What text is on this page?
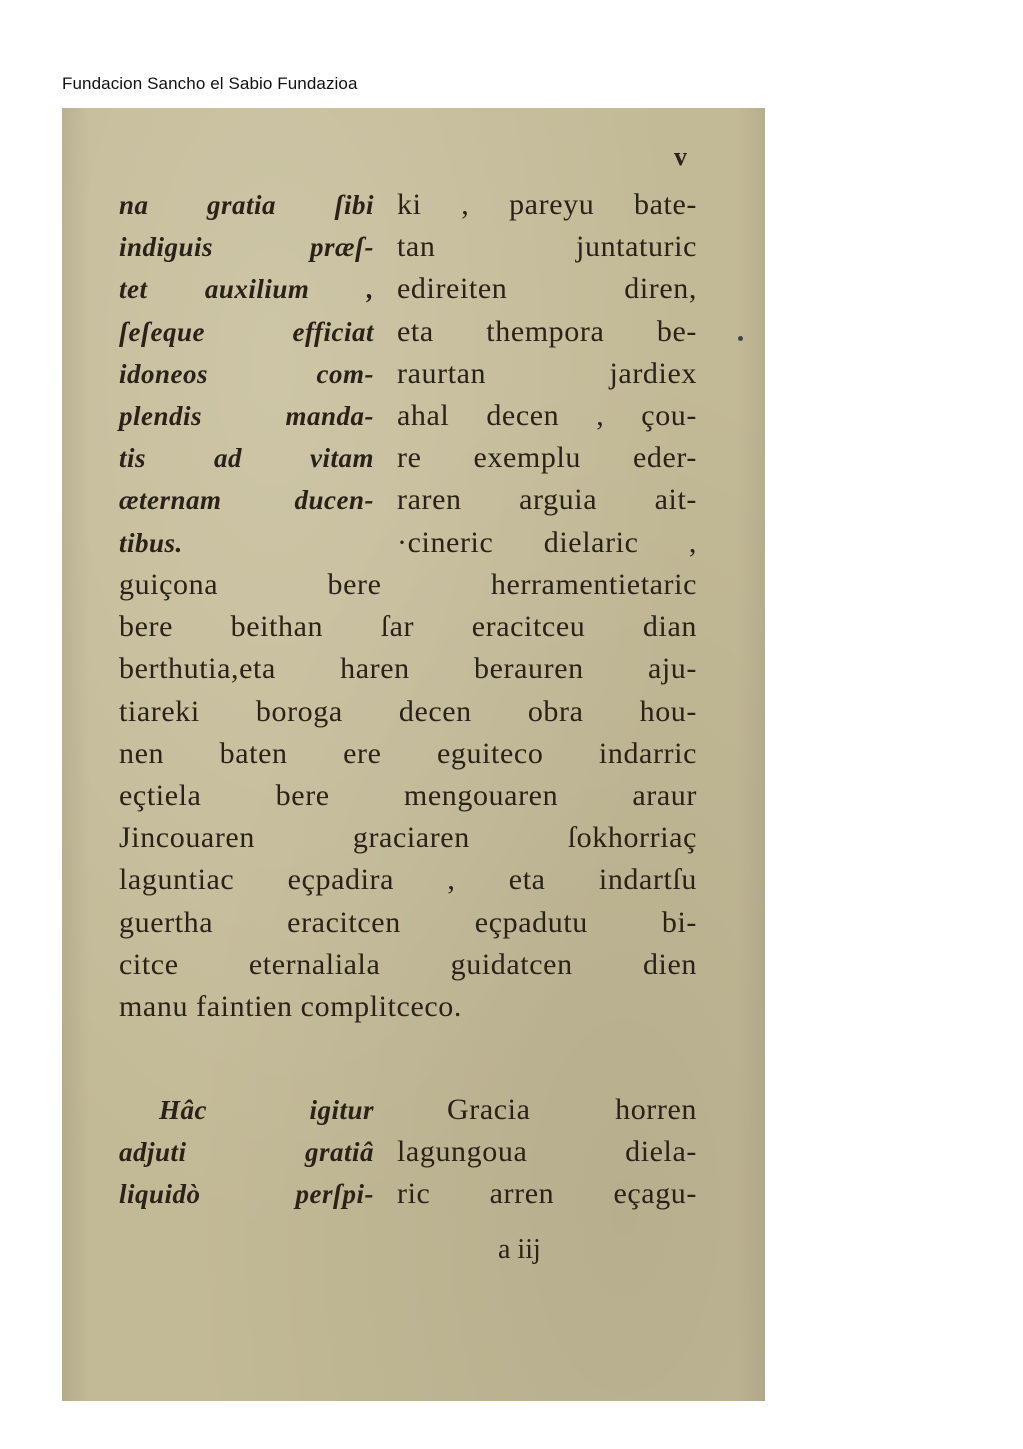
Fundacion Sancho el Sabio Fundazioa
v
na gratia ſibi
indiguis præſ-
tet auxilium ,
ſeſeque efficiat
idoneos com-
plendis manda-
tis ad vitam
æternam ducen-
tibus.
ki , pareyu bate-
tan juntaturic
edireiten diren,
eta thempora be-
raurtan jardiex
ahal decen , çou-
re exemplu eder-
raren arguia ait-
·cineric dielaric ,
guiçona bere herramentietaric
bere beithan ſar eracitceu dian
berthutia,eta haren berauren aju-
tiareki boroga decen obra hou-
nen baten ere eguiteco indarric
eçtiela bere mengouaren araur
Jincouaren graciaren ſokhorriaç
laguntiac eçpadira , eta indartſu
guertha eracitcen eçpadutu bi-
citce eternaliala guidatcen dien
manu faintien complitceco.
Hâc igitur
adjuti gratiâ
liquidò perſpi-
Gracia horren
lagungoua diela-
ric arren eçagu-
a iij
